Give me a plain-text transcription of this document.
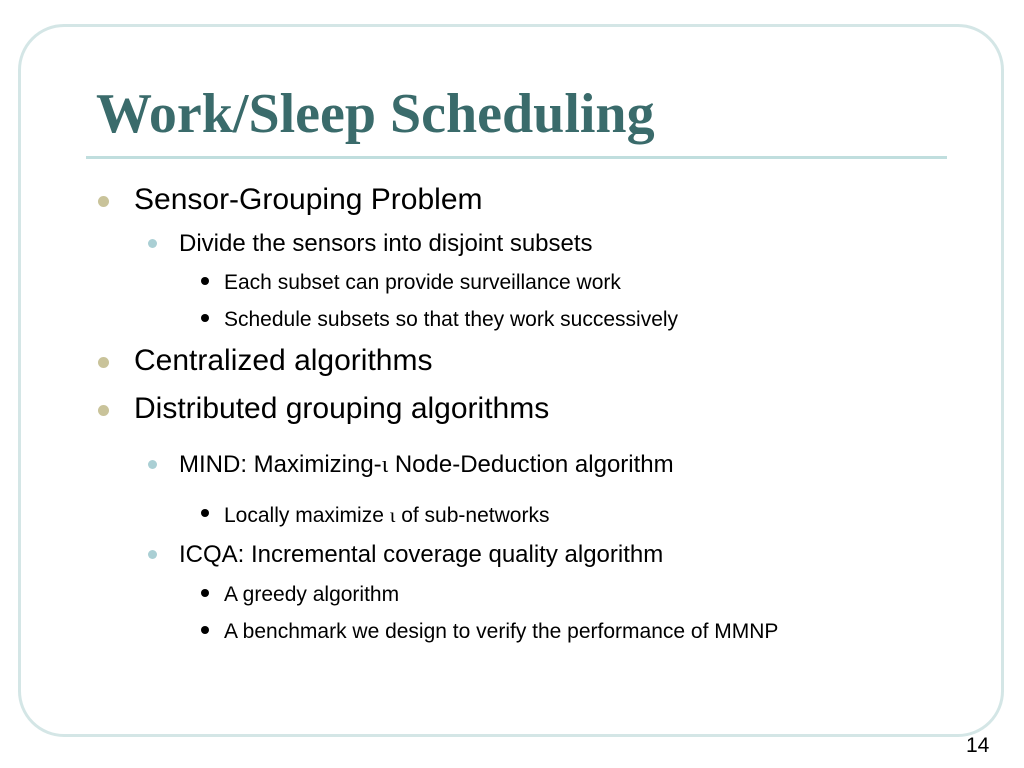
Work/Sleep Scheduling
Sensor-Grouping Problem
Divide the sensors into disjoint subsets
Each subset can provide surveillance work
Schedule subsets so that they work successively
Centralized algorithms
Distributed grouping algorithms
MIND: Maximizing-ι Node-Deduction algorithm
Locally maximize ι of sub-networks
ICQA: Incremental coverage quality algorithm
A greedy algorithm
A benchmark we design to verify the performance of MMNP
14
